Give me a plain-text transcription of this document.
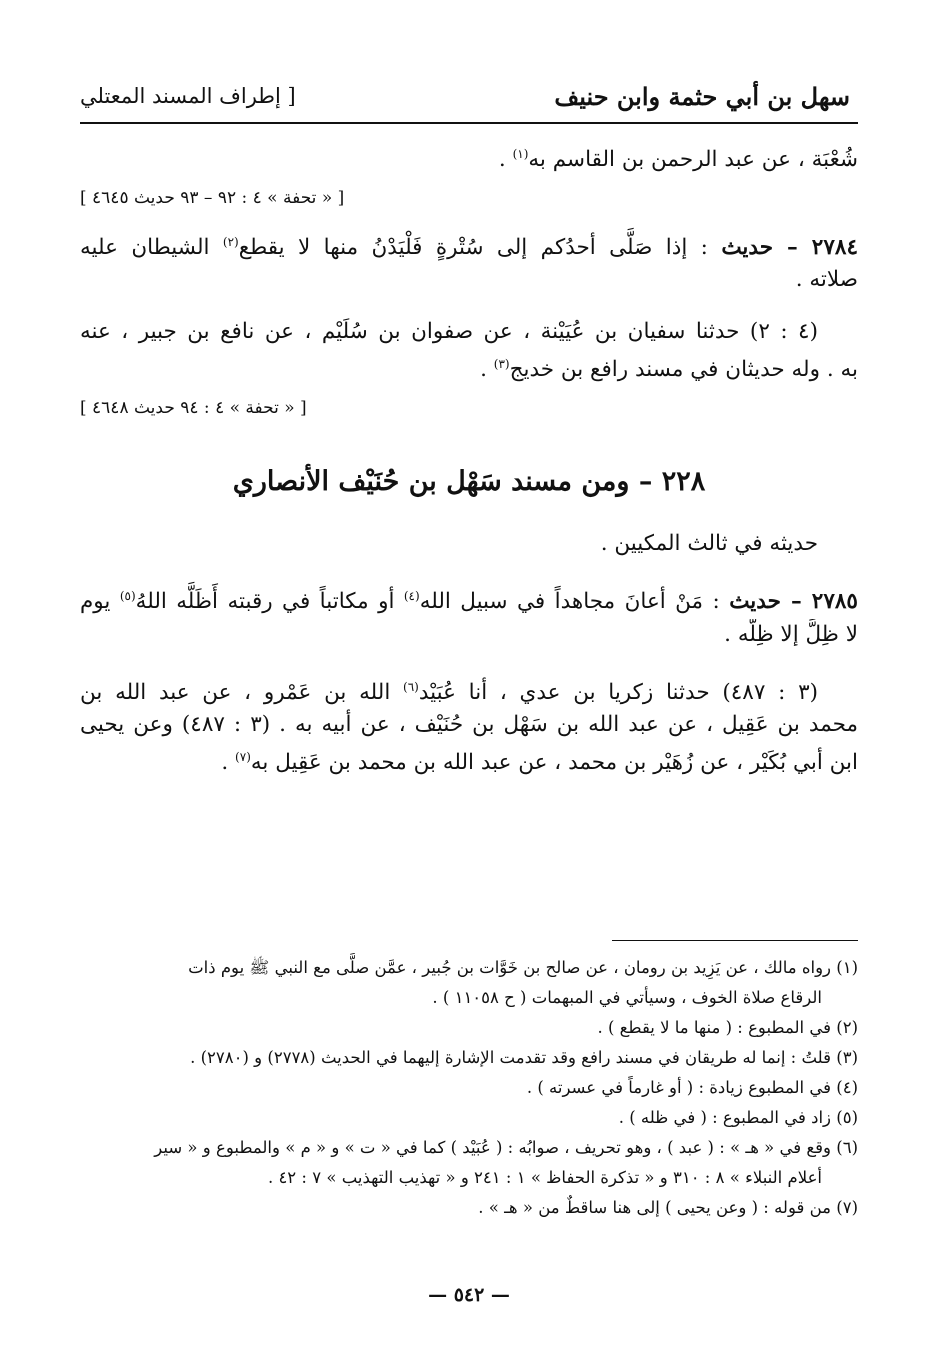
سهل بن أبي حثمة وابن حنيف
[ إطراف المسند المعتلي
شُعْبَة ، عن عبد الرحمن بن القاسم به$^{(١)}$ .
[ « تحفة » ٤ : ٩٢ – ٩٣ حديث ٤٦٤٥ ]
٢٧٨٤ – حديث : إذا صَلَّى أحدُكم إلى سُتْرةٍ فَلْيَدْنُ منها لا يقطع$^{(٢)}$ الشيطان عليه
صلاته .
(٤ : ٢) حدثنا سفيان بن عُيَيْنة ، عن صفوان بن سُلَيْم ، عن نافع بن جبير ، عنه
به . وله حديثان في مسند رافع بن خديج$^{(٣)}$ .
[ « تحفة » ٤ : ٩٤ حديث ٤٦٤٨ ]
٢٢٨ – ومن مسند سَهْل بن حُنَيْف الأنصاري
حديثه في ثالث المكيين .
٢٧٨٥ – حديث : مَنْ أعانَ مجاهداً في سبيل الله$^{(٤)}$ أو مكاتباً في رقبته أَظَلَّه اللهُ$^{(٥)}$ يوم
لا ظِلَّ إلا ظِلُّه .
(٣ : ٤٨٧) حدثنا زكريا بن عدي ، أنا عُبَيْد$^{(٦)}$ الله بن عَمْرو ، عن عبد الله بن
محمد بن عَقِيل ، عن عبد الله بن سَهْل بن حُنَيْف ، عن أبيه به . (٣ : ٤٨٧) وعن يحيى
ابن أبي بُكَيْر ، عن زُهَيْر بن محمد ، عن عبد الله بن محمد بن عَقِيل به$^{(٧)}$ .
(١) رواه مالك ، عن يَزِيد بن رومان ، عن صالح بن خَوَّات بن جُبير ، عمَّن صلَّى مع النبي ﷺ يوم ذات
الرقاع صلاة الخوف ، وسيأتي في المبهمات ( ح ١١٠٥٨ ) .
(٢) في المطبوع : ( منها ما لا يقطع ) .
(٣) قلتُ : إنما له طريقان في مسند رافع وقد تقدمت الإشارة إليهما في الحديث (٢٧٧٨) و (٢٧٨٠) .
(٤) في المطبوع زيادة : ( أو غارماً في عسرته ) .
(٥) زاد في المطبوع : ( في ظله ) .
(٦) وقع في « هـ » : ( عبد ) ، وهو تحريف ، صوابُه : ( عُبَيْد ) كما في « ت » و « م » والمطبوع و « سير
أعلام النبلاء » ٨ : ٣١٠ و « تذكرة الحفاظ » ١ : ٢٤١ و « تهذيب التهذيب » ٧ : ٤٢ .
(٧) من قوله : ( وعن يحيى ) إلى هنا ساقطٌ من « هـ » .
— ٥٤٢ —
